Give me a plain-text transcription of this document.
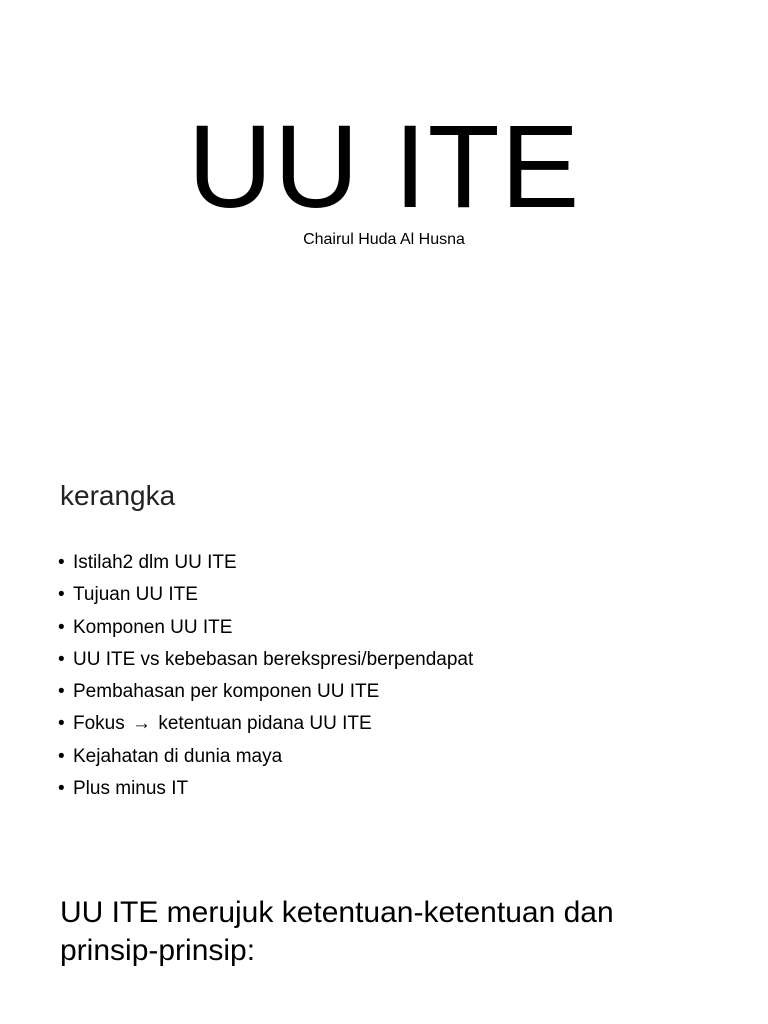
UU ITE
Chairul Huda Al Husna
kerangka
• Istilah2 dlm UU ITE
• Tujuan UU ITE
• Komponen UU ITE
• UU ITE vs kebebasan berekspresi/berpendapat
• Pembahasan per komponen UU ITE
• Fokus → ketentuan pidana UU ITE
• Kejahatan di dunia maya
• Plus minus IT
UU ITE merujuk ketentuan-ketentuan dan
prinsip-prinsip:
